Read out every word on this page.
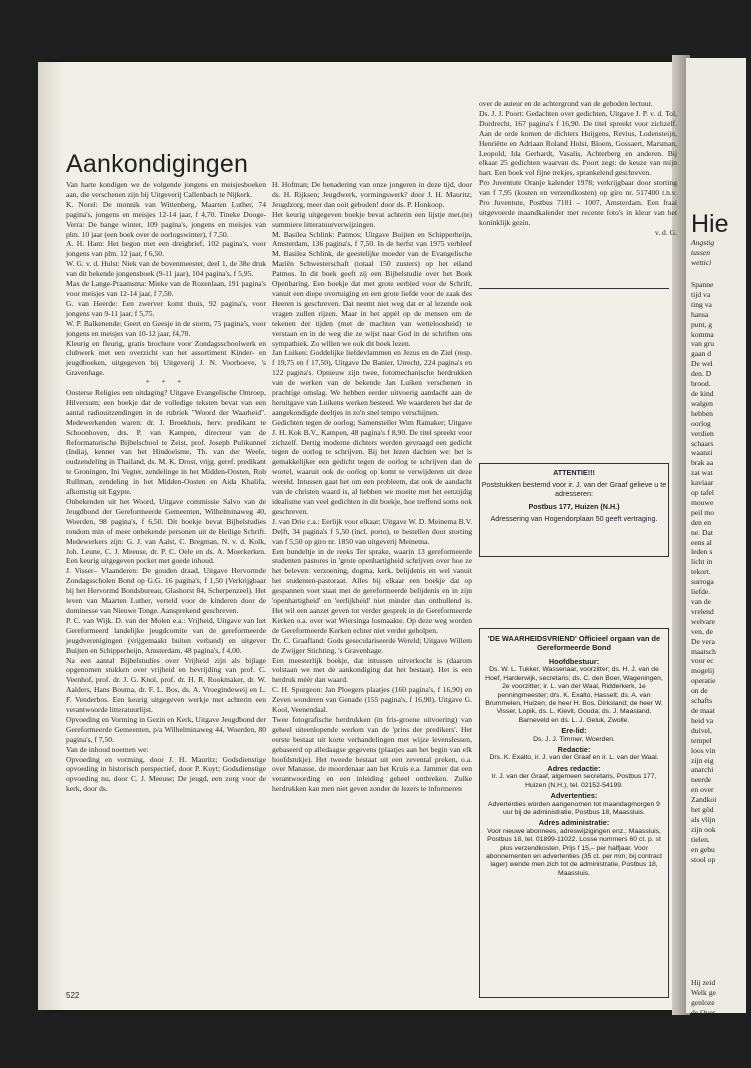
Hie

Angstig

tussen

wettici

Spanne

tijd va

ting va

hansa

punt, g

komma

van gru

gaan d

De wel

den. D

brood.

de kind

walgen

hebben

oorlog

verdien

schaars

waanzi

brak aa

zat wat

kaviaar

op tafel

mouwe

peil mo

den en

ne. Dat

eens al

leden s

licht in

tekort.

surroga

liefde.

van de

vrelend

welvare

ven, de

De vera

maatsch

voor ec

mogelij

operatie

on de

schafts

de maat

heid va

duivel,

tempel

loos vin

zijn eig

anarchi

neerde

en over

Zandkoi

het göd

als vlijn

zijn ook

tielen.

en gehu

stool op

Hij zeid

Welk ge

genloze

de Over

verwach

lijk vrec

niet and

naam. A

Aankondigingen

Van harte kondigen we de volgende jongens en meisjesboeken aan, die verschenen zijn bij Uitgeverij Callenbach te Nijkerk.

K. Norel: De monnik van Wittenberg, Maarten Luther, 74 pagina's, jongens en meisjes 12-14 jaar, f 4,70. Tineke Dooge-Verra: De bange winter, 109 pagina's, jongens en meisjes van plm. 10 jaar (een boek over de oorlogswinter), f 7,50.

A. H. Ham: Het begon met een dreigbrief, 102 pagina's, voor jongens van plm. 12 jaar, f 6,50.

W. G. v. d. Hulst: Niek van de bovenmeester, deel 1, de 38e druk van dit bekende jongensboek (9-11 jaar), 104 pagina's, f 5,95.

Max de Lange-Praamsma: Mieke van de Rozenlaan, 191 pagina's voor meisjes van 12-14 jaar, f 7,50.

G. van Heerde: Een zwerver komt thuis, 92 pagina's, voor jongens van 9-11 jaar, f 5,75.

W. P. Balkenende: Geert en Geesje in de storm, 75 pagina's, voor jongens en meisjes van 10-12 jaar, f4,70.

Kleurig en fleurig, gratis brochure voor Zondagsschoolwerk en clubwerk met een overzicht van het assortiment Kinder- en jeugdboeken, uitgegeven bij Uitgeverij J. N. Voorhoeve, 's Gravenhage.

* * *

Oosterse Religies een uitdaging? Uitgave Evangelische Omroep, Hilversum; een boekje dat de volledige teksten bevat van een aantal radiouitzendingen in de rubriek "Woord der Waarheid". Medewerkenden waren: dr. J. Broekhuis, herv. predikant te Schoonhoven, drs. P. van Kampen, directeur van de Reformatorische Bijbelschool te Zeist, prof. Joseph Pulikunnel (India), kenner van het Hindoeïsme, Th. van der Weele, oudzendeling in Thailand, ds. M. K. Drost, vrijg. geref. predikant te Groningen, Ini Vegter, zendelinge in het Midden-Oosten, Rob Rullman, zendeling in het Midden-Oosten en Aida Khalifa, afkomstig uit Egypte.

Onbekenden uit het Woord, Uitgave commissie Salvo van de Jeugdbond der Gereformeerde Gemeenten, Wilhelminaweg 40, Woerden, 98 pagina's, f 6,50. Dit boekje bevat Bijbelstudies rondom min of meer onbekende personen uit de Heilige Schrift. Medewerkers zijn: G. J. van Aalst, C. Bregman, N. v. d. Kolk, Joh. Leune, C. J. Meeuse, dr. P. C. Oele en ds. A. Moerkerken. Een keurig uitgegeven pocket met goede inhoud.

J. Visser– Vlaanderen: De gouden draad, Uitgave Hervormde Zondagsscholen Bond op G.G. 16 pagina's, f 1,50 (Verkrijgbaar bij het Hervormd Bondsbureau, Glashorst 84, Scherpenzeel). Het leven van Maarten Luther, verteld voor de kinderen door de dominesse van Nieuwe Tonge. Aansprekend geschreven.

P. C. van Wijk. D. van der Molen e.a.: Vrijheid, Uitgave van het Gereformeerd landelijke jeugdcomite van de gereformeerde jeugdverenigingen (vrijgemaakt buiten verband) en uitgever Buijten en Schipperheijn, Amsterdam, 48 pagina's, f 4,00.

Na een aantal Bijbelstudies over Vrijheid zijn als bijlage opgenomen stukken over vrijheid en bevrijding van prof. C. Veenhof, prof. dr. J. G. Knol, prof. dr. H. R. Rookmaker, dr. W. Aalders, Hans Bouma, dr. F. L. Bos, ds. A. Vroegindeweij en L. F. Venderbos. Een keurig uitgegeven werkje met achterin een verantwoorde litteratuurlijst.

Opvoeding en Vorming in Gezin en Kerk, Uitgave Jeugdbond der Gereformeerde Gemeenten, p/a Wilhelminaweg 44, Woerden, 80 pagina's, f 7,50.

Van de inhoud noemen we:

Opvoeding en vorming, door J. H. Mauritz; Godsdienstige opvoeding in historisch perspectief, door P. Kuyt; Godsdienstige opvoeding nu, door C. J. Meeuse; De jeugd, een zorg voor de kerk, door ds.

H. Hofman; De benadering van onze jongeren in deze tijd, door ds. H. Rijksen; Jeugdwerk, vormingswerk? door J. H. Mauritz; Jeugdzorg, meer dan ooit geboden! door ds. P. Honkoop.

Het keurig uitgegeven boekje bevat achterin een lijstje met.(te) summiere litteratuurverwijzingen.

M. Basilea Schlink: Patmos; Uitgave Buijten en Schipperheijn, Amsterdam, 136 pagina's, f 7,50. In de herfst van 1975 verbleef M. Basilea Schlink, de geestelijke moeder van de Evangelische Mariën Schwesterschaft (totaal 150 zusters) op het eiland Patmos. In dit boek geeft zij een Bijbelstudie over het Boek Openbaring. Een boekje dat met grote eerbied voor de Schrift, vanuit een diepe overtuiging en een grote liefde voor de zaak des Heeren is geschreven. Dat neemt niet weg dat er al lezende ook vragen zullen rijzen. Maar in het appèl op de mensen om de tekenen der tijden (met de machten van wetteloosheid) te verstaan en in de weg die ze wijst naar God in de schriften ons sympathiek. Zo willen we ook dit boek lezen.

Jan Luiken: Goddelijke liefdevlammen en Jezus en de Ziel (resp. f 19,75 en f 17,50), Uitgave De Banier, Utrecht, 224 pagina's en 122 pagina's. Opnieuw zijn twee, fotomechanische herdrukken van de werken van de bekende Jan Luiken verschenen in prachtige omslag. We hebben eerder uitvoerig aandacht aan de heruitgave van Luikens werken besteed. We waarderen het dat de aangekondigde deeltjes in zo'n snel tempo verschijnen.

Gedichten tegen de oorlog; Samensteller Wim Ramaker; Uitgave J. H. Kok B.V., Kampen, 48 pagina's f 8,90. De titel spreekt voor zichzelf. Dertig moderne dichters werden gevraagd een gedicht tegen de oorlog te schrijven. Bij het lezen dachten we: het is gemakkelijker een gedicht tegen de oorlog te schrijven dan de wortel, waaruit ook de oorlog op komt te verwijderen uit deze wereld. Intussen gaat het om een probleem, dat ook de aandacht van de christen waard is, al hebben we moeite met het eenzijdig idealisme van veel gedichten in dit boekje, hoe treffend soms ook geschreven.

J. van Drie c.a.: Eerlijk voor elkaar; Uitgave W. D. Meinema B.V. Delft, 34 pagina's f 5,50 (incl. porto), te bestellen door storting van f 5,50 op giro nr. 1850 van uitgeverij Meinema.

Een bundeltje in de reeks Ter sprake, waarin 13 gereformeerde studenten pastores in 'grote openhartigheid schrijven over hoe ze het beleven: verzoening, dogma, kerk, belijdenis en wel vanuit het studenten-pastoraat. Alles bij elkaar een boekje dat op gespannen voet staat met de gereformeerde belijdenis en in zijn 'openhartigheid' en 'eerlijkheid' niet minder dan onthullend is. Het wil een aanzet geven tot verder gesprek in de Gereformeerde Kerken o.a. over wat Wiersinga losmaakte. Op deze weg worden de Gereformeerde Kerken echter niet verder geholpen.

Dr. C. Graafland: Gods geseculariseerde Wereld; Uitgave Willem de Zwijger Stichting, 's Gravenhage.

Een meesterlijk boekje, dat intussen uitverkocht is (daarom volstaan we met de aankondiging dat het bestaat). Het is een herdruk méér dan waard.

C. H. Spurgeon: Jan Ploegers plaatjes (160 pagina's, f 16,90) en Zeven wonderen van Genade (155 pagina's, f 16,90), Uitgave G. Kool, Veenendaal.

Twee fotografische herdrukken (in fris-groene uitvoering) van geheel uiteenlopende werken van de 'prins der predikers'. Het eerste bestaat uit korte verhandelingen met wijze levenslessen, gebaseerd op alledaagse gegevens (plaatjes aan het begin van elk hoofdstukje). Het tweede bestaat uit een zevental preken, o.a. over Manasse, de moordenaar aan het Kruis e.a. Jammer dat een verantwoording en een inleiding geheel ontbreken. Zulke herdrukken kan men niet geven zonder de lezers te informeren

over de auteur en de achtergrond van de geboden lectuur.

Ds. J. J. Poort: Gedachten over gedichten, Uitgave J. P. v. d. Tol, Dordrecht, 167 pagina's f 16,90. De titel spreekt voor zichzelf. Aan de orde komen de dichters Huijgens, Revius, Lodensteijn, Henriëtte en Adriaan Roland Holst, Bloem, Gossaert, Marsman, Leopold, Ida Gerhardt, Vasalis, Achterberg en anderen. Bij elkaar 25 gedichten waarvan ds. Poort zegt: de keuze van mijn hart. Een boek vol fijne trekjes, sprankelend geschreven.

Pro Juventute Oranje kalender 1978; verkrijgbaar door storting van f 7,95 (kosten en verzendkosten) op giro nr. 517400 t.n.v. Pro Juventute, Postbus 7101 – 1007, Amsterdam. Een fraai uitgevoerde maandkalender met recente foto's in kleur van het koninklijk gezin.

v. d. G.

ATTENTIE!!!
Poststukken bestemd voor ir. J. van der Graaf gelieve u te adresseren:
Postbus 177, Huizen (N.H.)
Adressering van Hogendorplaan 50 geeft vertraging.
'DE WAARHEIDSVRIEND' Officieel orgaan van de Gereformeerde Bond
Hoofdbestuur:
Ds. W. L. Tukker, Wassenaar, voorzitter; ds. H. J. van de Hoef, Harderwijk, secretaris; ds. C. den Boer, Wageningen, 2e voorzitter; ir. L. van der Waal, Ridderkerk, 1e penningmeester; drs. K. Exalto, Hasselt; ds. A. van Brummelen, Huizen; de heer H. Bos, Dirksland; de heer W. Visser, Lopik, ds. L. Kievit, Gouda; ds. J. Maasland, Barneveld en ds. L. J. Geluk, Zwolle.
Ere-lid:
Ds. J. J. Timmer, Woerden.
Redactie:
Drs. K. Exalto, ir. J. van der Graaf en ir. L. van der Waal.
Adres redactie:
Ir. J. van der Graaf, algemeen secretaris, Postbus 177, Huizen (N.H.), tel. 02152-54199.
Advertenties:
Advertenties worden aangenomen tot maandagmorgen 9 uur bij de administratie, Postbus 18, Maassluis.
Adres administratie:
Voor nieuwe abonnees, adreswijzigingen enz.: Maassluis, Postbus 18, tel. 01899-11022. Losse nummers 60 ct. p. st plus verzendkosten. Prijs f 15,– per halfjaar. Voor abonnementen en advertenties (35 ct. per mm; bij contract lager) wende men zich tot de administratie, Postbus 18, Maassluis.
522
